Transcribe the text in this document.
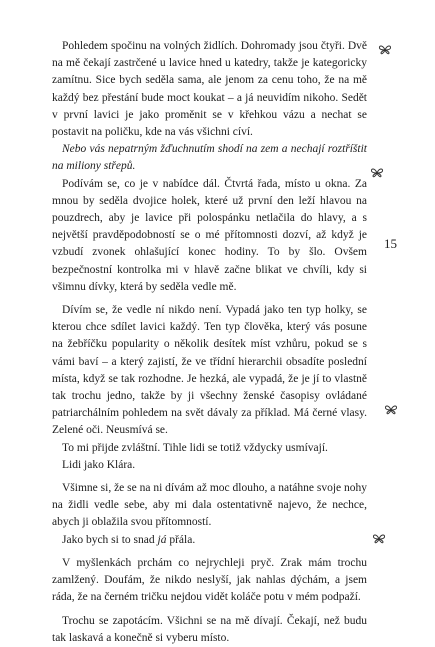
Pohledem spočinu na volných židlích. Dohromady jsou čtyři. Dvě na mě čekají zastrčené u lavice hned u katedry, takže je kategoricky zamítnu. Sice bych seděla sama, ale jenom za cenu toho, že na mě každý bez přestání bude moct koukat – a já neuvidím nikoho. Sedět v první lavici je jako proměnit se v křehkou vázu a nechat se postavit na poličku, kde na vás všichni cíví.

Nebo vás nepatrným žďuchnutím shodí na zem a nechají roztříštit na miliony střepů.

Podívám se, co je v nabídce dál. Čtvrtá řada, místo u okna. Za mnou by seděla dvojice holek, které už první den leží hlavou na pouzdrech, aby je lavice při polospánku netlačila do hlavy, a s největší pravděpodobností se o mé přítomnosti dozví, až když je vzbudí zvonek ohlašující konec hodiny. To by šlo. Ovšem bezpečnostní kontrolka mi v hlavě začne blikat ve chvíli, kdy si všimnu dívky, která by seděla vedle mě.

Dívím se, že vedle ní nikdo není. Vypadá jako ten typ holky, se kterou chce sdílet lavici každý. Ten typ člověka, který vás posune na žebříčku popularity o několik desítek míst vzhůru, pokud se s vámi baví – a který zajistí, že ve třídní hierarchii obsadíte poslední místa, když se tak rozhodne. Je hezká, ale vypadá, že je jí to vlastně tak trochu jedno, takže by ji všechny ženské časopisy ovládané patriarchálním pohledem na svět dávaly za příklad. Má černé vlasy. Zelené oči. Neusmívá se.

To mi přijde zvláštní. Tihle lidi se totiž vždycky usmívají.

Lidi jako Klára.

Všimne si, že se na ni dívám až moc dlouho, a natáhne svoje nohy na židli vedle sebe, aby mi dala ostentativně najevo, že nechce, abych ji oblažila svou přítomností.

Jako bych si to snad já přála.

V myšlenkách prchám co nejrychleji pryč. Zrak mám trochu zamlžený. Doufám, že nikdo neslyší, jak nahlas dýchám, a jsem ráda, že na černém tričku nejdou vidět koláče potu v mém podpaží.

Trochu se zapotácím. Všichni se na mě dívají. Čekají, než budu tak laskavá a konečně si vyberu místo.

15
